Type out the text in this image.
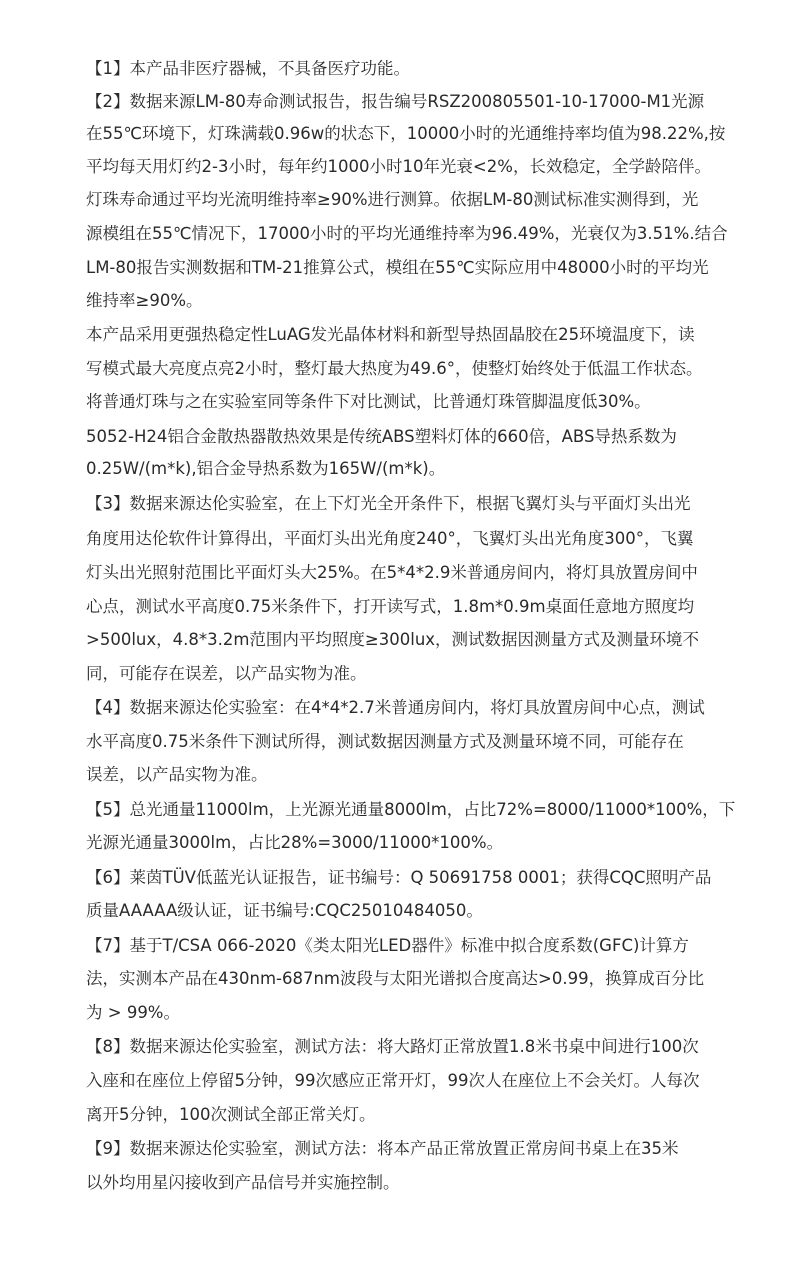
【1】本产品非医疗器械，不具备医疗功能。
【2】数据来源LM-80寿命测试报告，报告编号RSZ200805501-10-17000-M1光源
在55℃环境下，灯珠满载0.96w的状态下，10000小时的光通维持率均值为98.22%,按
平均每天用灯约2-3小时，每年约1000小时10年光衰<2%，长效稳定，全学龄陪伴。
灯珠寿命通过平均光流明维持率≥90%进行测算。依据LM-80测试标准实测得到，光
源模组在55℃情况下，17000小时的平均光通维持率为96.49%，光衰仅为3.51%.结合
LM-80报告实测数据和TM-21推算公式，模组在55℃实际应用中48000小时的平均光
维持率≥90%。
本产品采用更强热稳定性LuAG发光晶体材料和新型导热固晶胶在25环境温度下，读
写模式最大亮度点亮2小时，整灯最大热度为49.6°，使整灯始终处于低温工作状态。
将普通灯珠与之在实验室同等条件下对比测试，比普通灯珠管脚温度低30%。
5052-H24铝合金散热器散热效果是传统ABS塑料灯体的660倍，ABS导热系数为
0.25W/(m*k),铝合金导热系数为165W/(m*k)。
【3】数据来源达伦实验室，在上下灯光全开条件下，根据飞翼灯头与平面灯头出光
角度用达伦软件计算得出，平面灯头出光角度240°，飞翼灯头出光角度300°，飞翼
灯头出光照射范围比平面灯头大25%。在5*4*2.9米普通房间内，将灯具放置房间中
心点，测试水平高度0.75米条件下，打开读写式，1.8m*0.9m桌面任意地方照度均
>500lux，4.8*3.2m范围内平均照度≥300lux，测试数据因测量方式及测量环境不
同，可能存在误差，以产品实物为准。
【4】数据来源达伦实验室：在4*4*2.7米普通房间内，将灯具放置房间中心点，测试
水平高度0.75米条件下测试所得，测试数据因测量方式及测量环境不同，可能存在
误差，以产品实物为准。
【5】总光通量11000lm，上光源光通量8000lm，占比72%=8000/11000*100%，下
光源光通量3000lm，占比28%=3000/11000*100%。
【6】莱茵TÜV低蓝光认证报告，证书编号：Q 50691758 0001；获得CQC照明产品
质量AAAAA级认证，证书编号:CQC25010484050。
【7】基于T/CSA 066-2020《类太阳光LED器件》标准中拟合度系数(GFC)计算方
法，实测本产品在430nm-687nm波段与太阳光谱拟合度高达>0.99，换算成百分比
为 > 99%。
【8】数据来源达伦实验室，测试方法：将大路灯正常放置1.8米书桌中间进行100次
入座和在座位上停留5分钟，99次感应正常开灯，99次人在座位上不会关灯。人每次
离开5分钟，100次测试全部正常关灯。
【9】数据来源达伦实验室，测试方法：将本产品正常放置正常房间书桌上在35米
以外均用星闪接收到产品信号并实施控制。
